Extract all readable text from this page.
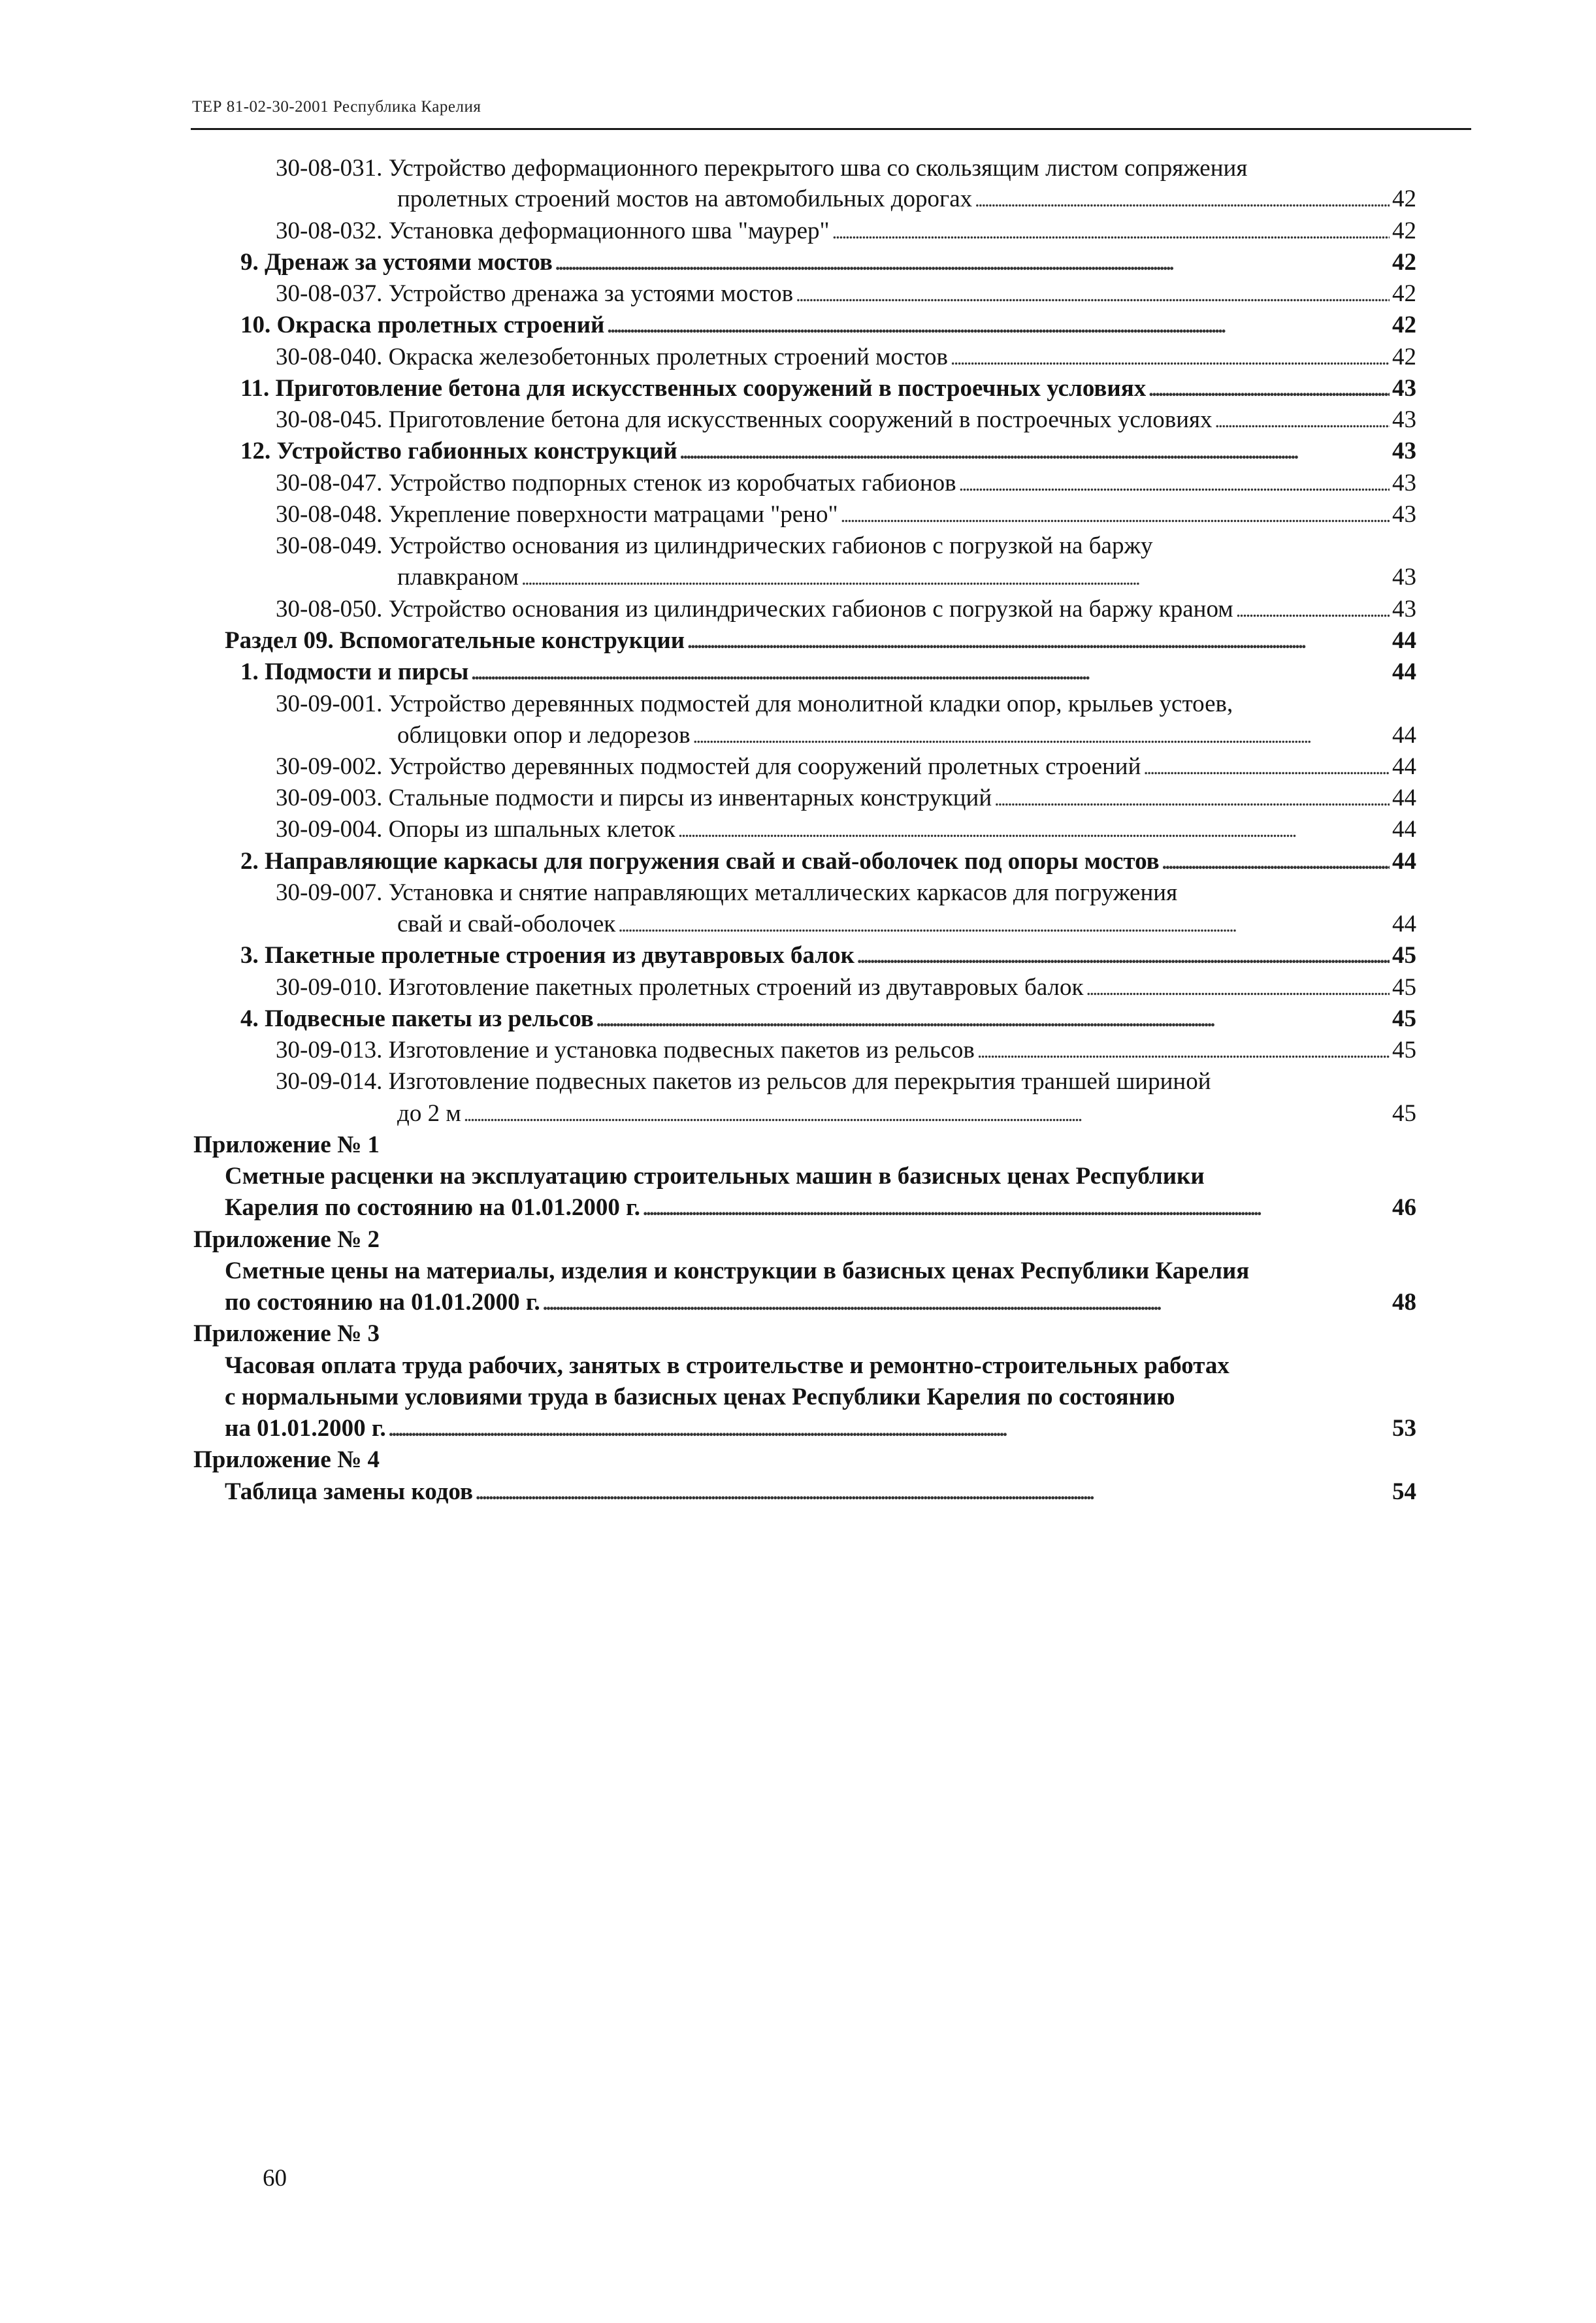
ТЕР 81-02-30-2001 Республика Карелия
30-08-031. Устройство деформационного перекрытого шва со скользящим листом сопряжения
пролетных строений мостов на автомобильных дорогах . . .	42
30-08-032. Установка деформационного шва "маурер" . . .	42
9. Дренаж за устоями мостов . . .	42
30-08-037. Устройство дренажа за устоями мостов . . .	42
10. Окраска пролетных строений . . .	42
30-08-040. Окраска железобетонных пролетных строений мостов . . .	42
11. Приготовление бетона для искусственных сооружений в построечных условиях . . .	43
30-08-045. Приготовление бетона для искусственных сооружений в построечных условиях . . .	43
12. Устройство габионных конструкций . . .	43
30-08-047. Устройство подпорных стенок из коробчатых габионов . . .	43
30-08-048. Укрепление поверхности матрацами "рено" . . .	43
30-08-049. Устройство основания из цилиндрических габионов с погрузкой на баржу
плавкраном . . .	43
30-08-050. Устройство основания из цилиндрических габионов с погрузкой на баржу краном . . .	43
Раздел 09. Вспомогательные конструкции . . .	44
1. Подмости и пирсы . . .	44
30-09-001. Устройство деревянных подмостей для монолитной кладки опор, крыльев устоев,
облицовки опор и ледорезов . . .	44
30-09-002. Устройство деревянных подмостей для сооружений пролетных строений . . .	44
30-09-003. Стальные подмости и пирсы из инвентарных конструкций . . .	44
30-09-004. Опоры из шпальных клеток . . .	44
2. Направляющие каркасы для погружения свай и свай-оболочек под опоры мостов . . .	44
30-09-007. Установка и снятие направляющих металлических каркасов для погружения
свай и свай-оболочек . . .	44
3. Пакетные пролетные строения из двутавровых балок . . .	45
30-09-010. Изготовление пакетных пролетных строений из двутавровых балок . . .	45
4. Подвесные пакеты из рельсов . . .	45
30-09-013. Изготовление и установка подвесных пакетов из рельсов . . .	45
30-09-014. Изготовление подвесных пакетов из рельсов для перекрытия траншей шириной
до 2 м . . .	45
Приложение № 1
Сметные расценки на эксплуатацию строительных машин в базисных ценах Республики
Карелия по состоянию на 01.01.2000 г. . . .	46
Приложение № 2
Сметные цены на материалы, изделия и конструкции в базисных ценах Республики Карелия
по состоянию на 01.01.2000 г. . . .	48
Приложение № 3
Часовая оплата труда рабочих, занятых в строительстве и ремонтно-строительных работах
с нормальными условиями труда в базисных ценах Республики Карелия по состоянию
на 01.01.2000 г. . . .	53
Приложение № 4
Таблица замены кодов . . .	54
60
